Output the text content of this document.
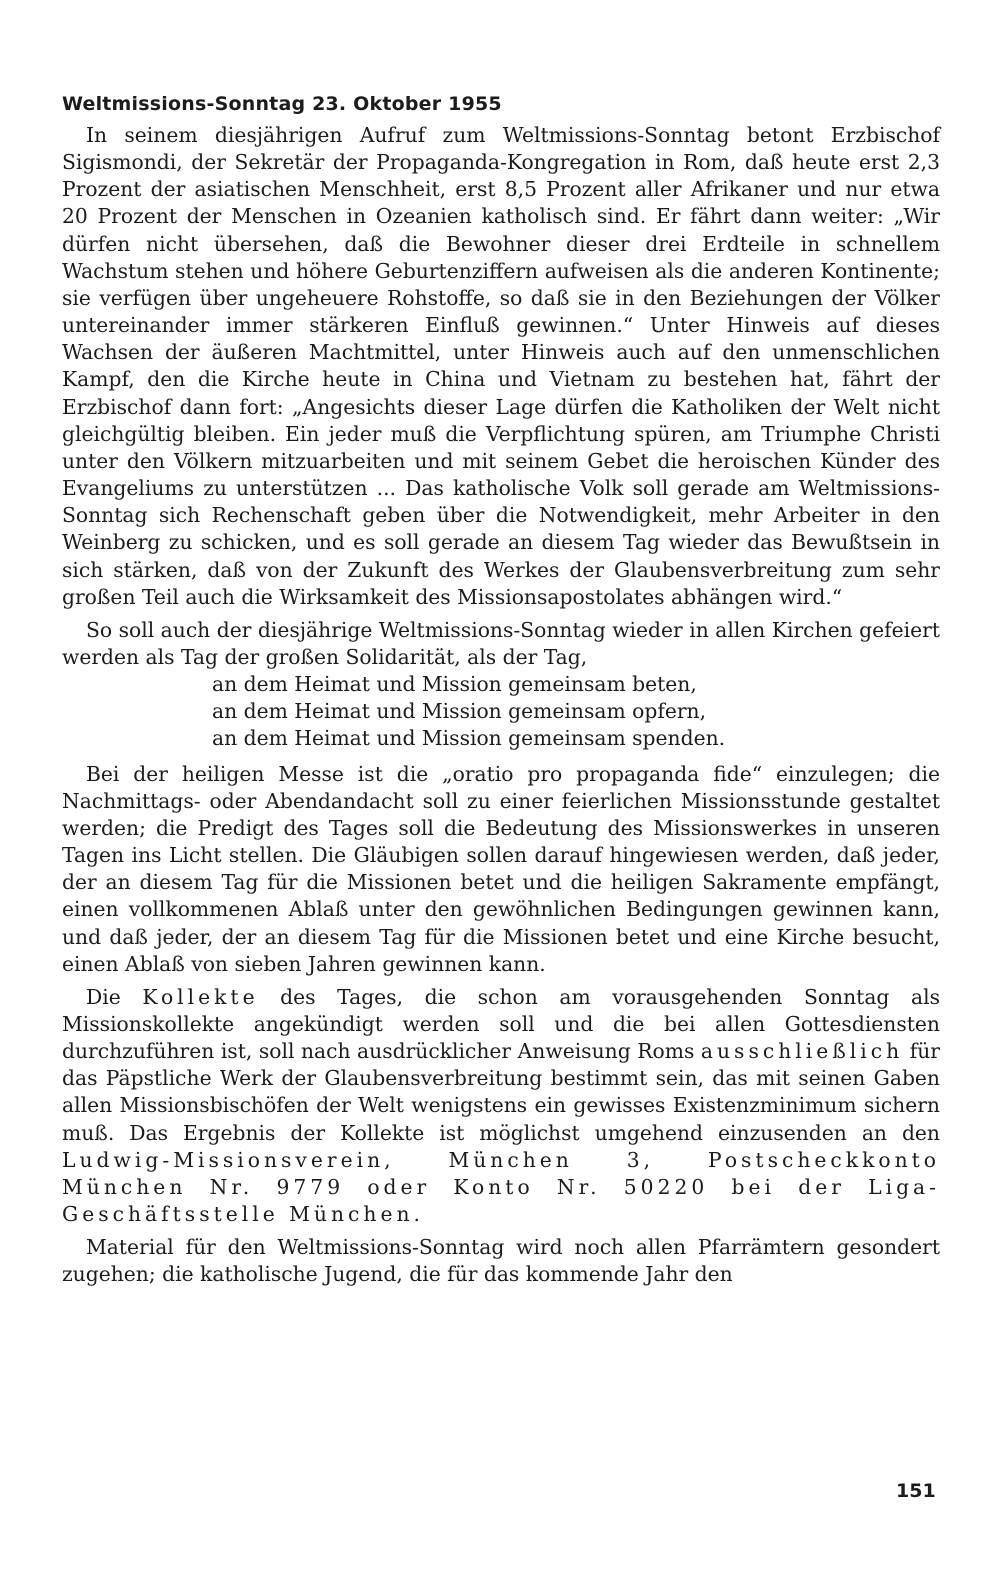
Weltmissions-Sonntag 23. Oktober 1955

In seinem diesjährigen Aufruf zum Weltmissions-Sonntag betont Erzbischof Sigismondi, der Sekretär der Propaganda-Kongregation in Rom, daß heute erst 2,3 Prozent der asiatischen Menschheit, erst 8,5 Prozent aller Afrikaner und nur etwa 20 Prozent der Menschen in Ozeanien katholisch sind. Er fährt dann weiter: „Wir dürfen nicht übersehen, daß die Bewohner dieser drei Erdteile in schnellem Wachstum stehen und höhere Geburtenziffern aufweisen als die anderen Kontinente; sie verfügen über ungeheuere Rohstoffe, so daß sie in den Beziehungen der Völker untereinander immer stärkeren Einfluß gewinnen.“ Unter Hinweis auf dieses Wachsen der äußeren Machtmittel, unter Hinweis auch auf den unmenschlichen Kampf, den die Kirche heute in China und Vietnam zu bestehen hat, fährt der Erzbischof dann fort: „Angesichts dieser Lage dürfen die Katholiken der Welt nicht gleichgültig bleiben. Ein jeder muß die Verpflichtung spüren, am Triumphe Christi unter den Völkern mitzuarbeiten und mit seinem Gebet die heroischen Künder des Evangeliums zu unterstützen ... Das katholische Volk soll gerade am Weltmissions-Sonntag sich Rechenschaft geben über die Notwendigkeit, mehr Arbeiter in den Weinberg zu schicken, und es soll gerade an diesem Tag wieder das Bewußtsein in sich stärken, daß von der Zukunft des Werkes der Glaubensverbreitung zum sehr großen Teil auch die Wirksamkeit des Missionsapostolates abhängen wird.“

So soll auch der diesjährige Weltmissions-Sonntag wieder in allen Kirchen gefeiert werden als Tag der großen Solidarität, als der Tag,

an dem Heimat und Mission gemeinsam beten,
an dem Heimat und Mission gemeinsam opfern,
an dem Heimat und Mission gemeinsam spenden.

Bei der heiligen Messe ist die „oratio pro propaganda fide“ einzulegen; die Nachmittags- oder Abendandacht soll zu einer feierlichen Missionsstunde gestaltet werden; die Predigt des Tages soll die Bedeutung des Missionswerkes in unseren Tagen ins Licht stellen. Die Gläubigen sollen darauf hingewiesen werden, daß jeder, der an diesem Tag für die Missionen betet und die heiligen Sakramente empfängt, einen vollkommenen Ablaß unter den gewöhnlichen Bedingungen gewinnen kann, und daß jeder, der an diesem Tag für die Missionen betet und eine Kirche besucht, einen Ablaß von sieben Jahren gewinnen kann.

Die Kollekte des Tages, die schon am vorausgehenden Sonntag als Missionskollekte angekündigt werden soll und die bei allen Gottesdiensten durchzuführen ist, soll nach ausdrücklicher Anweisung Roms ausschließlich für das Päpstliche Werk der Glaubensverbreitung bestimmt sein, das mit seinen Gaben allen Missionsbischöfen der Welt wenigstens ein gewisses Existenzminimum sichern muß. Das Ergebnis der Kollekte ist möglichst umgehend einzusenden an den Ludwig-Missionsverein, München 3, Postscheckkonto München Nr. 9779 oder Konto Nr. 50220 bei der Liga-Geschäftsstelle München.

Material für den Weltmissions-Sonntag wird noch allen Pfarrämtern gesondert zugehen; die katholische Jugend, die für das kommende Jahr den

151
